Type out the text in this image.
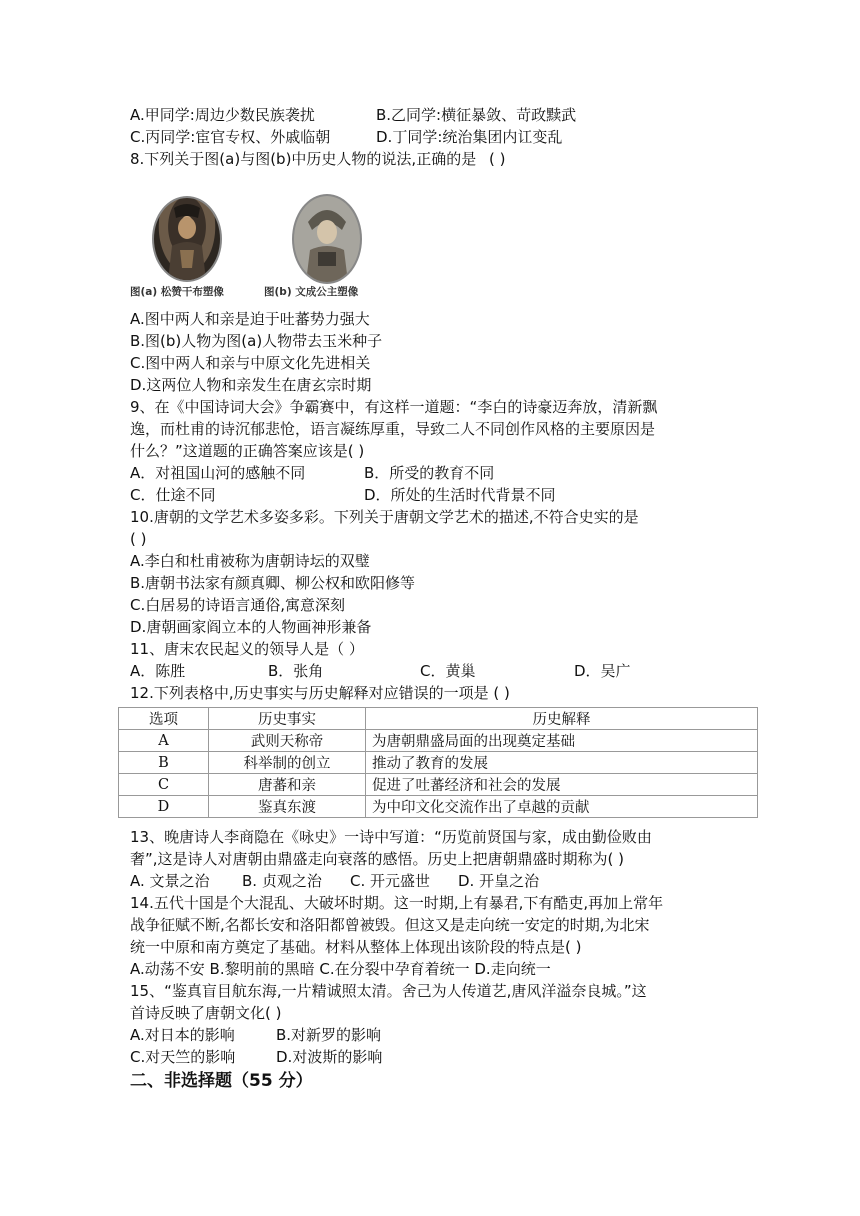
A.甲同学:周边少数民族袭扰	B.乙同学:横征暴敛、苛政黩武
C.丙同学:宦官专权、外戚临朝	D.丁同学:统治集团内讧变乱
8.下列关于图(a)与图(b)中历史人物的说法,正确的是 ( )
图(a) 松赞干布塑像	图(b) 文成公主塑像
A.图中两人和亲是迫于吐蕃势力强大
B.图(b)人物为图(a)人物带去玉米种子
C.图中两人和亲与中原文化先进相关
D.这两位人物和亲发生在唐玄宗时期
9、在《中国诗词大会》争霸赛中，有这样一道题：“李白的诗豪迈奔放，清新飘
逸，而杜甫的诗沉郁悲怆，语言凝练厚重，导致二人不同创作风格的主要原因是
什么？”这道题的正确答案应该是( )
A．对祖国山河的感触不同	B．所受的教育不同
C．仕途不同	D．所处的生活时代背景不同
10.唐朝的文学艺术多姿多彩。下列关于唐朝文学艺术的描述,不符合史实的是
( )
A.李白和杜甫被称为唐朝诗坛的双璧
B.唐朝书法家有颜真卿、柳公权和欧阳修等
C.白居易的诗语言通俗,寓意深刻
D.唐朝画家阎立本的人物画神形兼备
11、唐末农民起义的领导人是（ ）
A．陈胜	B．张角	C．黄巢	D．吴广
12.下列表格中,历史事实与历史解释对应错误的一项是 ( )
选项	历史事实	历史解释
A	武则天称帝	为唐朝鼎盛局面的出现奠定基础
B	科举制的创立	推动了教育的发展
C	唐蕃和亲	促进了吐蕃经济和社会的发展
D	鉴真东渡	为中印文化交流作出了卓越的贡献
13、晚唐诗人李商隐在《咏史》一诗中写道：“历览前贤国与家，成由勤俭败由
奢”,这是诗人对唐朝由鼎盛走向衰落的感悟。历史上把唐朝鼎盛时期称为( )
A. 文景之治 B. 贞观之治 C. 开元盛世 D. 开皇之治
14.五代十国是个大混乱、大破坏时期。这一时期,上有暴君,下有酷吏,再加上常年
战争征赋不断,名都长安和洛阳都曾被毁。但这又是走向统一安定的时期,为北宋
统一中原和南方奠定了基础。材料从整体上体现出该阶段的特点是( )
A.动荡不安 B.黎明前的黑暗 C.在分裂中孕育着统一 D.走向统一
15、“鉴真盲目航东海,一片精诚照太清。舍己为人传道艺,唐风洋溢奈良城。”这
首诗反映了唐朝文化( )
A.对日本的影响	B.对新罗的影响
C.对天竺的影响	D.对波斯的影响
二、非选择题（55 分）
